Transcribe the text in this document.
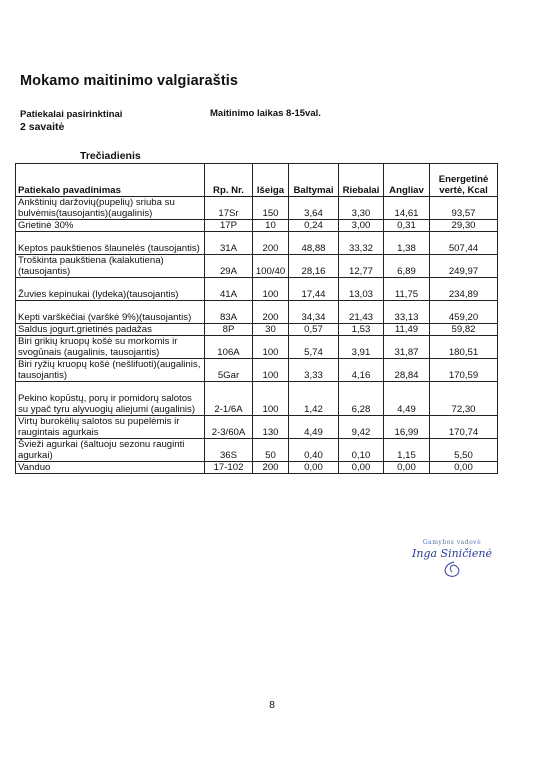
Mokamo maitinimo valgiaraštis
Patiekalai pasirinktinai
2 savaitė
Maitinimo laikas 8-15val.
Trečiadienis
Patiekalo pavadinimas	Rp. Nr.	Išeiga	Baltymai	Riebalai	Angliav	Energetinė vertė, Kcal
Ankštinių daržovių(pupelių) sriuba su bulvėmis(tausojantis)(augalinis)	17Sr	150	3,64	3,30	14,61	93,57
Grietinė 30%	17P	10	0,24	3,00	0,31	29,30
Keptos paukštienos šlaunelės (tausojantis)	31A	200	48,88	33,32	1,38	507,44
Troškinta paukštiena (kalakutiena)(tausojantis)	29A	100/40	28,16	12,77	6,89	249,97
Žuvies kepinukai (lydeka)(tausojantis)	41A	100	17,44	13,03	11,75	234,89
Kepti varškėčiai (varškė 9%)(tausojantis)	83A	200	34,34	21,43	33,13	459,20
Saldus jogurt.grietinės padažas	8P	30	0,57	1,53	11,49	59,82
Biri grikių kruopų košė su morkomis ir svogūnais (augalinis, tausojantis)	106A	100	5,74	3,91	31,87	180,51
Biri ryžių kruopų košė (nešlifuoti)(augalinis, tausojantis)	5Gar	100	3,33	4,16	28,84	170,59
Pekino kopūstų, porų ir pomidorų salotos su ypač tyru alyvuogių aliejumi (augalinis)	2-1/6A	100	1,42	6,28	4,49	72,30
Virtų burokėlių salotos su pupelėmis ir raugintais agurkais	2-3/60A	130	4,49	9,42	16,99	170,74
Švieži agurkai (šaltuoju sezonu rauginti agurkai)	36S	50	0,40	0,10	1,15	5,50
Vanduo	17-102	200	0,00	0,00	0,00	0,00
Gamybos vadovė
Inga Siničienė
8
